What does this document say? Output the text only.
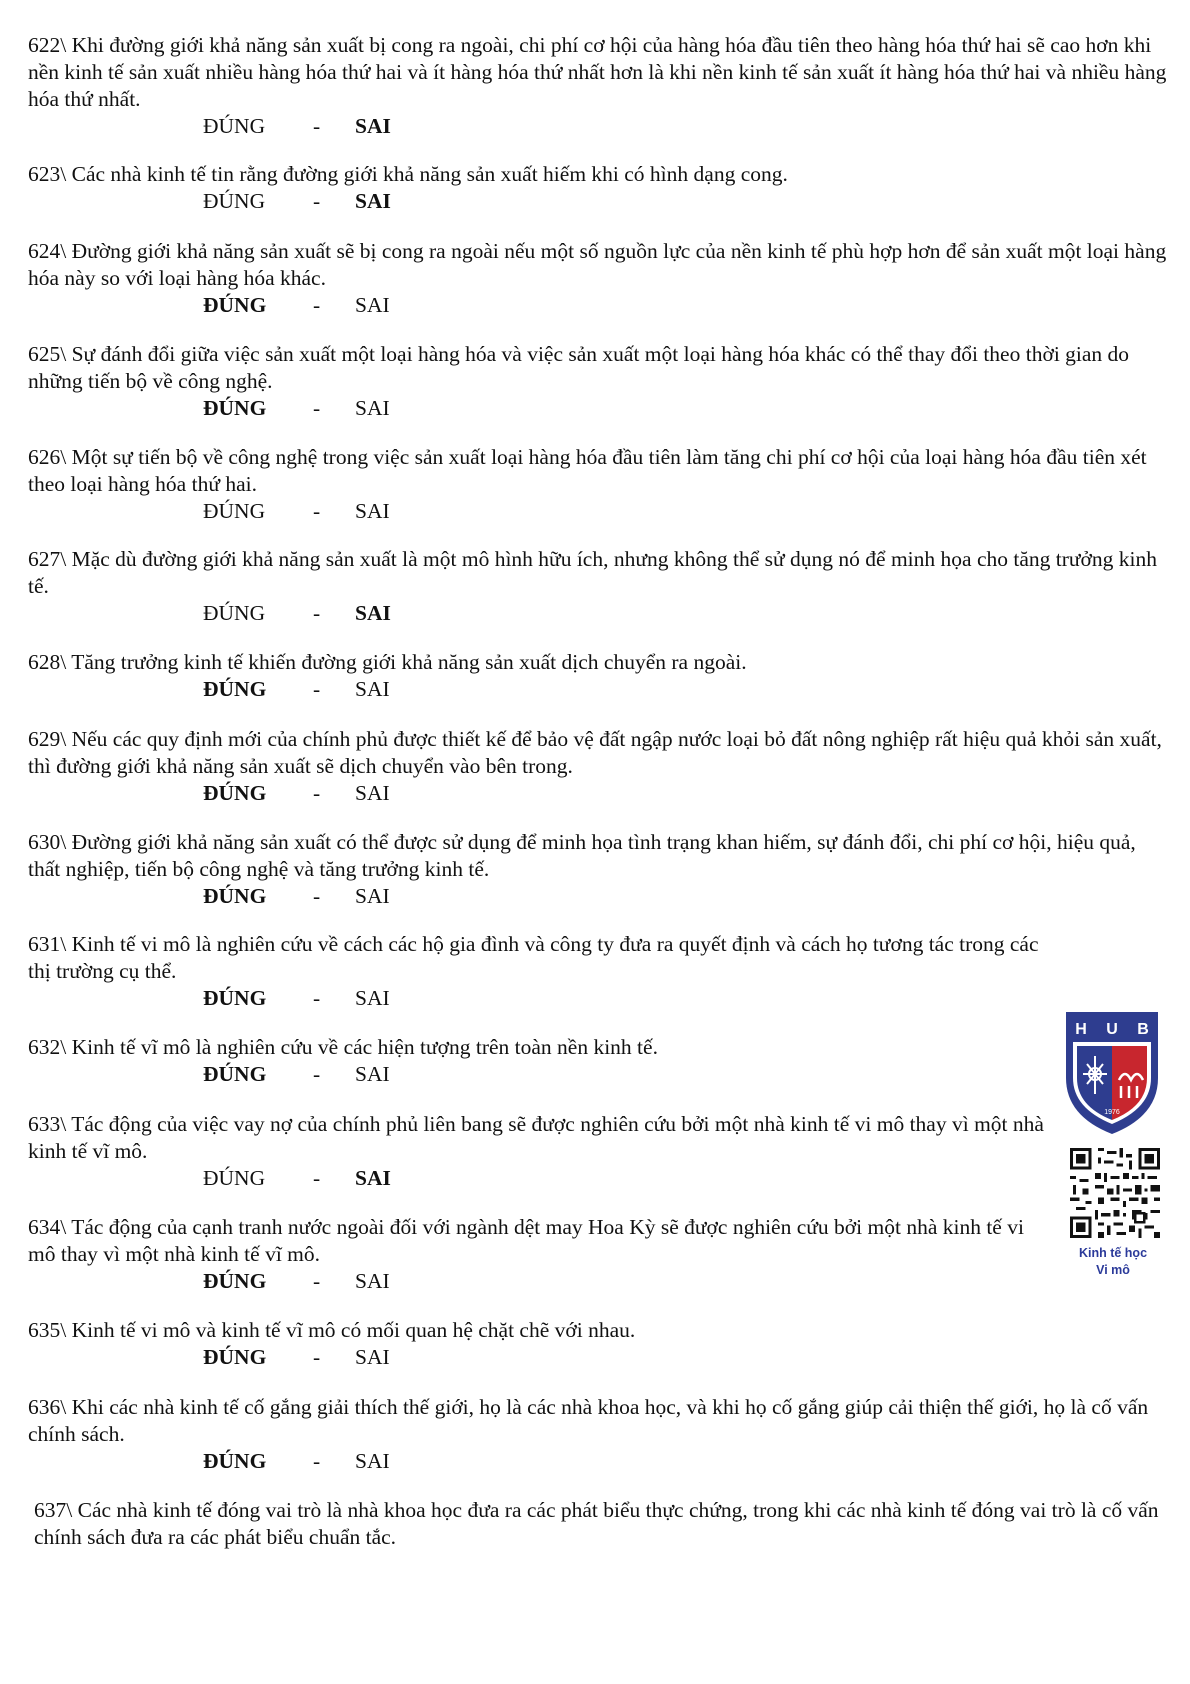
622\ Khi đường giới khả năng sản xuất bị cong ra ngoài, chi phí cơ hội của hàng hóa đầu tiên theo hàng hóa thứ hai sẽ cao hơn khi nền kinh tế sản xuất nhiều hàng hóa thứ hai và ít hàng hóa thứ nhất hơn là khi nền kinh tế sản xuất ít hàng hóa thứ hai và nhiều hàng hóa thứ nhất.

ĐÚNG - SAI

623\ Các nhà kinh tế tin rằng đường giới khả năng sản xuất hiếm khi có hình dạng cong.

ĐÚNG - SAI

624\ Đường giới khả năng sản xuất sẽ bị cong ra ngoài nếu một số nguồn lực của nền kinh tế phù hợp hơn để sản xuất một loại hàng hóa này so với loại hàng hóa khác.

ĐÚNG - SAI

625\ Sự đánh đổi giữa việc sản xuất một loại hàng hóa và việc sản xuất một loại hàng hóa khác có thể thay đổi theo thời gian do những tiến bộ về công nghệ.

ĐÚNG - SAI

626\ Một sự tiến bộ về công nghệ trong việc sản xuất loại hàng hóa đầu tiên làm tăng chi phí cơ hội của loại hàng hóa đầu tiên xét theo loại hàng hóa thứ hai.

ĐÚNG - SAI

627\ Mặc dù đường giới khả năng sản xuất là một mô hình hữu ích, nhưng không thể sử dụng nó để minh họa cho tăng trưởng kinh tế.

ĐÚNG - SAI

628\ Tăng trưởng kinh tế khiến đường giới khả năng sản xuất dịch chuyển ra ngoài.

ĐÚNG - SAI

629\ Nếu các quy định mới của chính phủ được thiết kế để bảo vệ đất ngập nước loại bỏ đất nông nghiệp rất hiệu quả khỏi sản xuất, thì đường giới khả năng sản xuất sẽ dịch chuyển vào bên trong.

ĐÚNG - SAI

630\ Đường giới khả năng sản xuất có thể được sử dụng để minh họa tình trạng khan hiếm, sự đánh đổi, chi phí cơ hội, hiệu quả, thất nghiệp, tiến bộ công nghệ và tăng trưởng kinh tế.

ĐÚNG - SAI

631\ Kinh tế vi mô là nghiên cứu về cách các hộ gia đình và công ty đưa ra quyết định và cách họ tương tác trong các thị trường cụ thể.

ĐÚNG - SAI

632\ Kinh tế vĩ mô là nghiên cứu về các hiện tượng trên toàn nền kinh tế.

ĐÚNG - SAI

633\ Tác động của việc vay nợ của chính phủ liên bang sẽ được nghiên cứu bởi một nhà kinh tế vi mô thay vì một nhà kinh tế vĩ mô.

ĐÚNG - SAI

634\ Tác động của cạnh tranh nước ngoài đối với ngành dệt may Hoa Kỳ sẽ được nghiên cứu bởi một nhà kinh tế vi mô thay vì một nhà kinh tế vĩ mô.

ĐÚNG - SAI

635\ Kinh tế vi mô và kinh tế vĩ mô có mối quan hệ chặt chẽ với nhau.

ĐÚNG - SAI

636\ Khi các nhà kinh tế cố gắng giải thích thế giới, họ là các nhà khoa học, và khi họ cố gắng giúp cải thiện thế giới, họ là cố vấn chính sách.

ĐÚNG - SAI

637\ Các nhà kinh tế đóng vai trò là nhà khoa học đưa ra các phát biểu thực chứng, trong khi các nhà kinh tế đóng vai trò là cố vấn chính sách đưa ra các phát biểu chuẩn tắc.

H U B
1976
Kinh tế học
Vi mô
